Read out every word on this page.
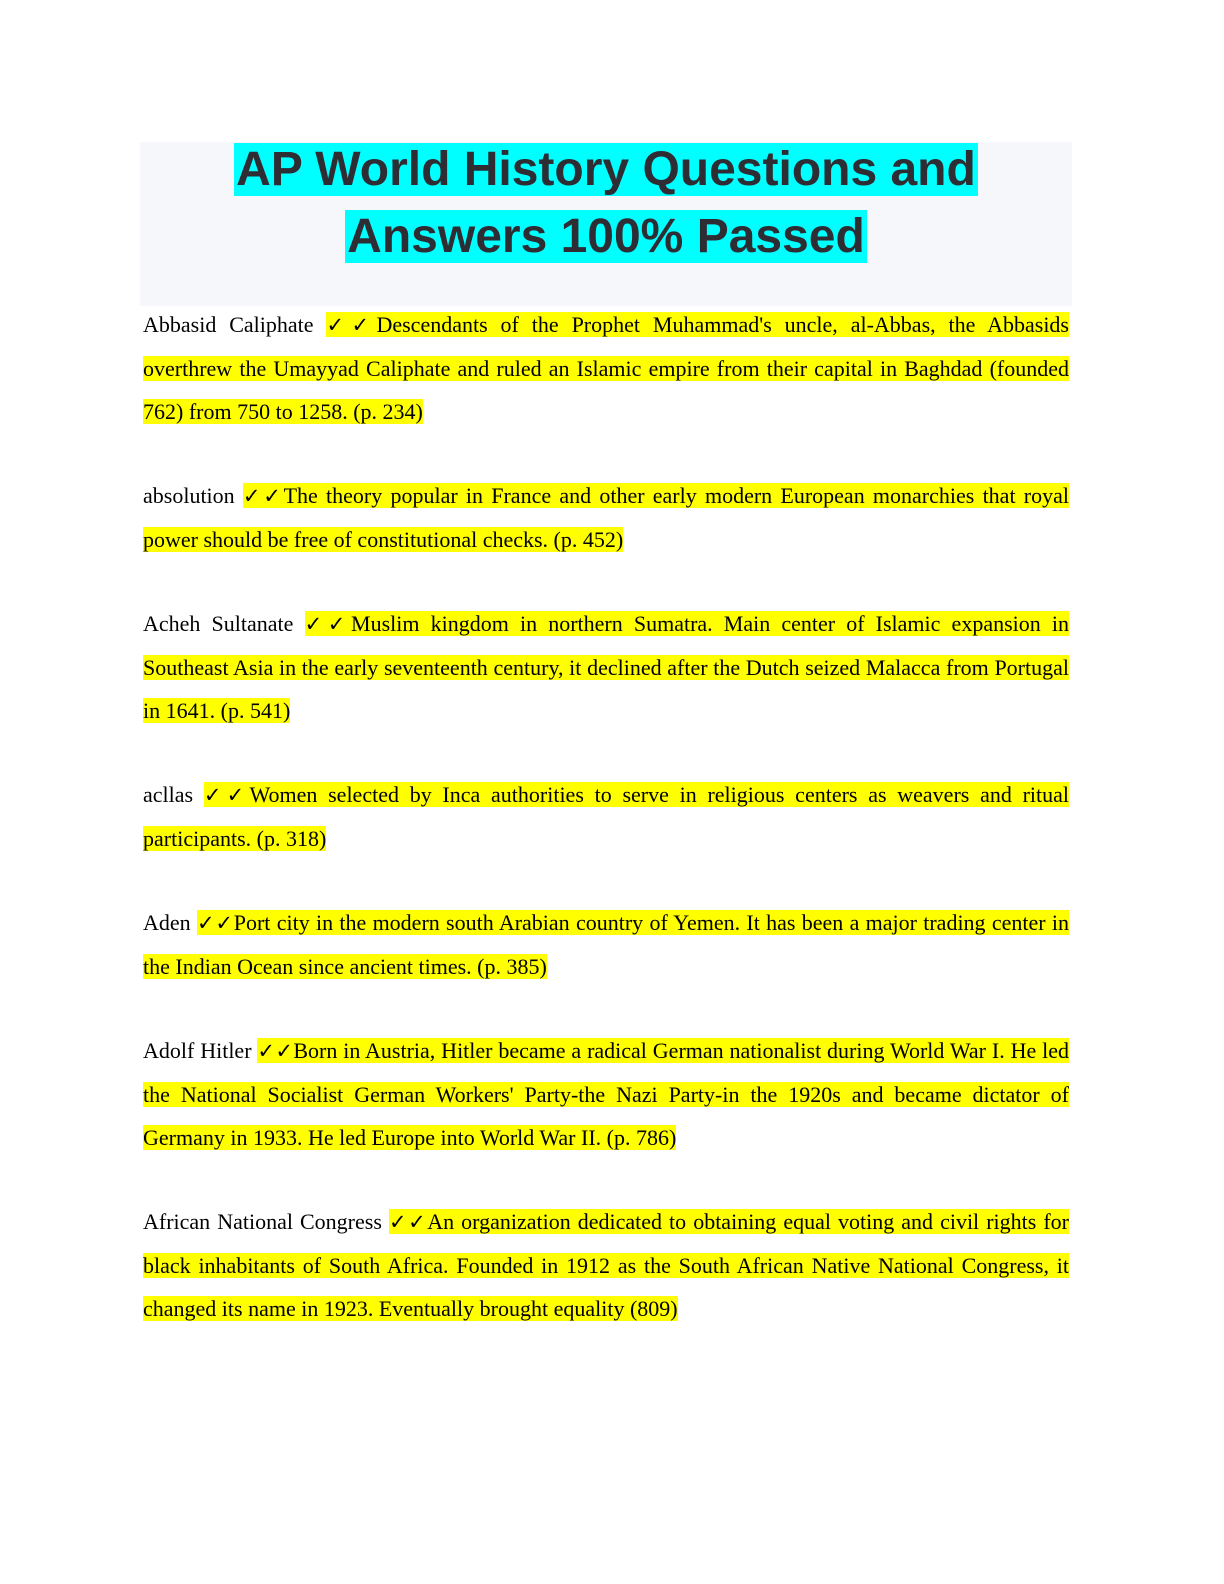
AP World History Questions and
Answers 100% Passed

Abbasid Caliphate ✓✓Descendants of the Prophet Muhammad's uncle, al-Abbas, the Abbasids overthrew the Umayyad Caliphate and ruled an Islamic empire from their capital in Baghdad (founded 762) from 750 to 1258. (p. 234)

absolution ✓✓The theory popular in France and other early modern European monarchies that royal power should be free of constitutional checks. (p. 452)

Acheh Sultanate ✓✓Muslim kingdom in northern Sumatra. Main center of Islamic expansion in Southeast Asia in the early seventeenth century, it declined after the Dutch seized Malacca from Portugal in 1641. (p. 541)

acllas ✓✓Women selected by Inca authorities to serve in religious centers as weavers and ritual participants. (p. 318)

Aden ✓✓Port city in the modern south Arabian country of Yemen. It has been a major trading center in the Indian Ocean since ancient times. (p. 385)

Adolf Hitler ✓✓Born in Austria, Hitler became a radical German nationalist during World War I. He led the National Socialist German Workers' Party-the Nazi Party-in the 1920s and became dictator of Germany in 1933. He led Europe into World War II. (p. 786)

African National Congress ✓✓An organization dedicated to obtaining equal voting and civil rights for black inhabitants of South Africa. Founded in 1912 as the South African Native National Congress, it changed its name in 1923. Eventually brought equality (809)
